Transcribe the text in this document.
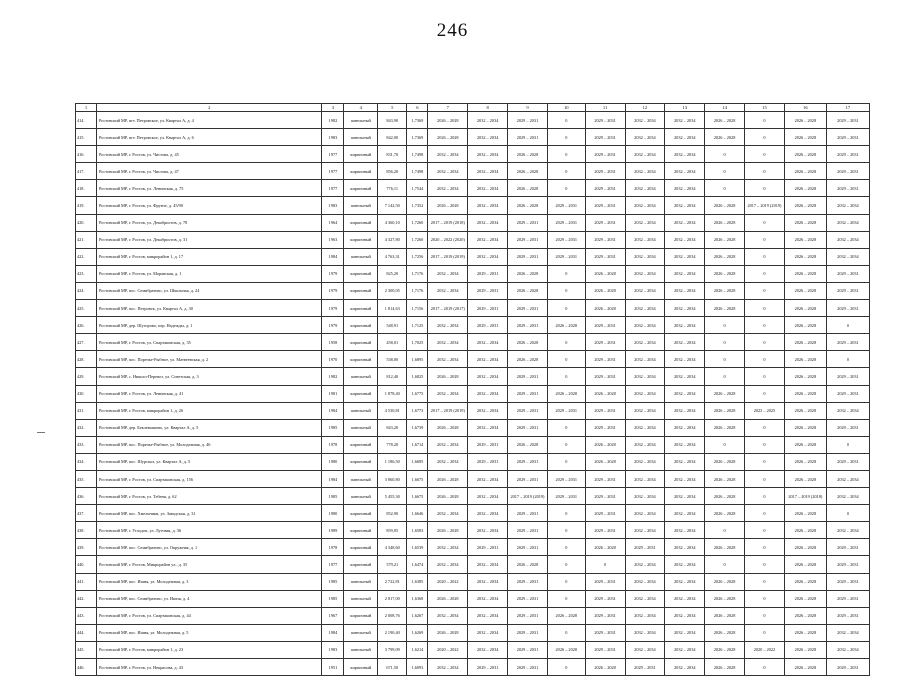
246
1	2	3	4	5	6	7	8	9	10	11	12	13	14	15	16	17
414.	Ростовский МР, пгт. Петровское, ул. Квартал А, д. 4	1982	панельный	843,90	1,7369	2026 – 2028	2032 – 2034	2029 – 2031	0	2029 – 2031	2032 – 2034	2032 – 2034	2026 – 2028	0	2026 – 2028	2029 – 2031
415.	Ростовский МР, пгт. Петровское, ул. Квартал А, д. 6	1983	панельный	842,00	1,7369	2026 – 2028	2032 – 2034	2029 – 2031	0	2029 – 2031	2032 – 2034	2032 – 2034	2026 – 2028	0	2026 – 2028	2029 – 2031
416.	Ростовский МР, г. Ростов, ул. Чистова, д. 45	1977	кирпичный	831,70	1,7498	2032 – 2034	2032 – 2034	2026 – 2028	0	2029 – 2031	2032 – 2034	2032 – 2034	0	0	2026 – 2028	2029 – 2031
417.	Ростовский МР, г. Ростов, ул. Чистова, д. 47	1977	кирпичный	856,20	1,7498	2032 – 2034	2032 – 2034	2026 – 2028	0	2029 – 2031	2032 – 2034	2032 – 2034	0	0	2026 – 2028	2029 – 2031
418.	Ростовский МР, г. Ростов, ул. Ленинская, д. 75	1977	кирпичный	776,11	1,7544	2032 – 2034	2032 – 2034	2026 – 2028	0	2029 – 2031	2032 – 2034	2032 – 2034	0	0	2026 – 2028	2029 – 2031
419.	Ростовский МР, г. Ростов, ул. Фрунзе, д. 45/90	1983	панельный	7 142,50	1,7352	2026 – 2028	2032 – 2034	2026 – 2028	2029 – 2031	2029 – 2031	2032 – 2034	2032 – 2034	2026 – 2028	2017 – 2019 (2019)	2026 – 2028	2032 – 2034
420.	Ростовский МР, г. Ростов, ул. Декабристов, д. 78	1964	кирпичный	4 360,10	1,7260	2017 – 2019 (2018)	2032 – 2034	2029 – 2031	2029 – 2031	2029 – 2031	2032 – 2034	2032 – 2034	2026 – 2028	0	2026 – 2028	2032 – 2034
421.	Ростовский МР, г. Ростов, ул. Декабристов, д. 31	1963	кирпичный	4 327,80	1,7260	2020 – 2022 (2020)	2032 – 2034	2029 – 2031	2029 – 2031	2029 – 2031	2032 – 2034	2032 – 2034	2026 – 2028	0	2026 – 2028	2032 – 2034
422.	Ростовский МР, г. Ростов, микрорайон 1, д. 17	1984	панельный	4 763,31	1,7256	2017 – 2019 (2019)	2032 – 2034	2029 – 2031	2029 – 2031	2029 – 2031	2032 – 2034	2032 – 2034	2026 – 2028	0	2026 – 2028	2032 – 2034
423.	Ростовский МР, г. Ростов, ул. Моравская, д. 1	1979	кирпичный	825,20	1,7176	2032 – 2034	2029 – 2031	2026 – 2028	0	2026 – 2028	2032 – 2034	2032 – 2034	2026 – 2028	0	2026 – 2028	2029 – 2031
424.	Ростовский МР, пос. Семибратово, ул. Школьная, д. 24	1979	кирпичный	2 300,05	1,7176	2032 – 2034	2029 – 2031	2026 – 2028	0	2026 – 2028	2032 – 2034	2032 – 2034	2026 – 2028	0	2026 – 2028	2029 – 2031
425.	Ростовский МР, пос. Петровск, ул. Квартал А, д. 30	1979	кирпичный	1 814,63	1,7156	2017 – 2019 (2017)	2029 – 2031	2029 – 2031	0	2026 – 2028	2032 – 2034	2032 – 2034	2026 – 2028	0	2026 – 2028	2029 – 2031
426.	Ростовский МР, дер. Шугорово, пер. Надежды, д. 1	1979	кирпичный	548,91	1,7125	2032 – 2034	2029 – 2031	2029 – 2031	2026 – 2028	2029 – 2031	2032 – 2034	2032 – 2034	0	0	2026 – 2028	0
427.	Ростовский МР, г. Ростов, ул. Спартаковская, д. 35	1958	кирпичный	458,01	1,7025	2032 – 2034	2032 – 2034	2026 – 2028	0	2029 – 2031	2032 – 2034	2032 – 2034	0	0	2026 – 2028	2029 – 2031
428.	Ростовский МР, пос. Поречье-Рыбное, ул. Матвеевская, д. 2	1970	кирпичный	538,00	1,6895	2032 – 2034	2032 – 2034	2026 – 2028	0	2029 – 2031	2032 – 2034	2032 – 2034	0	0	2026 – 2028	0
429.	Ростовский МР, с. Николо-Перевоз, ул. Советская, д. 3	1982	панельный	812,40	1,6825	2026 – 2028	2032 – 2034	2029 – 2031	0	2029 – 2031	2032 – 2034	2032 – 2034	0	0	2026 – 2028	2029 – 2031
430.	Ростовский МР, г. Ростов, ул. Ленинская, д. 41	1981	кирпичный	1 878,40	1,6775	2032 – 2034	2032 – 2034	2029 – 2031	2026 – 2028	2026 – 2028	2032 – 2034	2032 – 2034	2026 – 2028	0	2026 – 2028	2029 – 2031
431.	Ростовский МР, г. Ростов, микрорайон 1, д. 26	1984	панельный	4 530,81	1,6773	2017 – 2019 (2019)	2032 – 2034	2029 – 2031	2029 – 2031	2029 – 2031	2032 – 2034	2032 – 2034	2026 – 2028	2023 – 2025	2026 – 2028	2032 – 2034
432.	Ростовский МР, дер. Беклемишево, ул. Квартал А, д. 5	1985	панельный	843,20	1,6739	2026 – 2028	2032 – 2034	2029 – 2031	0	2029 – 2031	2032 – 2034	2032 – 2034	2026 – 2028	0	2026 – 2028	2029 – 2031
433.	Ростовский МР, пос. Поречье-Рыбное, ул. Молодежная, д. 46	1978	кирпичный	778,20	1,6714	2032 – 2034	2029 – 2031	2026 – 2028	0	2026 – 2028	2032 – 2034	2032 – 2034	0	0	2026 – 2028	0
434.	Ростовский МР, пос. Шурскол, ул. Квартал А, д. 5	1980	кирпичный	1 186,50	1,6685	2032 – 2034	2029 – 2031	2029 – 2031	0	2026 – 2028	2032 – 2034	2032 – 2034	2026 – 2028	0	2026 – 2028	2029 – 2031
435.	Ростовский МР, г. Ростов, ул. Спартаковская, д. 156	1984	панельный	3 860,80	1,6675	2026 – 2028	2032 – 2034	2029 – 2031	2029 – 2031	2029 – 2031	2032 – 2034	2032 – 2034	2026 – 2028	0	2026 – 2028	2032 – 2034
436.	Ростовский МР, г. Ростов, ул. Тебеня, д. 62	1985	панельный	5 455,30	1,6675	2026 – 2028	2032 – 2034	2017 – 2019 (2019)	2029 – 2031	2029 – 2031	2032 – 2034	2032 – 2034	2026 – 2028	0	2017 – 2019 (2018)	2032 – 2034
437.	Ростовский МР, пос. Хмельники, ул. Заводская, д. 31	1980	кирпичный	852,90	1,6646	2032 – 2034	2032 – 2034	2029 – 2031	0	2029 – 2031	2032 – 2034	2032 – 2034	2026 – 2028	0	2026 – 2028	0
438.	Ростовский МР, г. Углодоп, ул. Луговая, д. 36	1989	кирпичный	859,05	1,6583	2026 – 2028	2032 – 2034	2029 – 2031	0	2029 – 2031	2032 – 2034	2032 – 2034	0	0	2026 – 2028	2032 – 2034
439.	Ростовский МР, пос. Семибратово, ул. Окружная, д. 1	1978	кирпичный	4 348,60	1,6539	2032 – 2034	2029 – 2031	2029 – 2031	0	2026 – 2028	2029 – 2031	2032 – 2034	2026 – 2028	0	2026 – 2028	2029 – 2031
440.	Ростовский МР, г. Ростов, Микрорайон ул., д. 35	1977	кирпичный	579,21	1,6474	2032 – 2034	2032 – 2034	2026 – 2028	0	0	2032 – 2034	2032 – 2034	0	0	2026 – 2028	2029 – 2031
441.	Ростовский МР, пос. Ишня, ул. Молодежная, д. 3	1985	панельный	2 722,81	1,6385	2020 – 2022	2032 – 2034	2029 – 2031	0	2029 – 2031	2032 – 2034	2032 – 2034	2026 – 2028	0	2026 – 2028	2029 – 2031
442.	Ростовский МР, пос. Семибратово, ул. Ишня, д. 4	1985	панельный	2 817,00	1,6368	2026 – 2028	2032 – 2034	2029 – 2031	0	2029 – 2031	2032 – 2034	2032 – 2034	2026 – 2028	0	2026 – 2028	2029 – 2031
443.	Ростовский МР, г. Ростов, ул. Спартаковская, д. 44	1967	кирпичный	2 008,76	1,6267	2032 – 2034	2032 – 2034	2029 – 2031	2026 – 2028	2029 – 2031	2032 – 2034	2032 – 2034	2026 – 2028	0	2026 – 2028	2029 – 2031
444.	Ростовский МР, пос. Ишня, ул. Молодежная, д. 5	1984	панельный	2 190,40	1,6269	2026 – 2028	2032 – 2034	2029 – 2031	0	2029 – 2031	2032 – 2034	2032 – 2034	2026 – 2028	0	2026 – 2028	2032 – 2034
445.	Ростовский МР, г. Ростов, микрорайон 1, д. 23	1983	панельный	3 799,09	1,6214	2020 – 2022	2032 – 2034	2029 – 2031	2026 – 2028	2029 – 2031	2032 – 2034	2032 – 2034	2026 – 2028	2020 – 2022	2026 – 2028	2032 – 2034
446.	Ростовский МР, г. Ростов, ул. Некрасова, д. 43	1951	кирпичный	671,50	1,6093	2032 – 2034	2029 – 2031	2029 – 2031	0	2026 – 2028	2029 – 2031	2032 – 2034	2026 – 2028	0	2026 – 2028	2029 – 2031
